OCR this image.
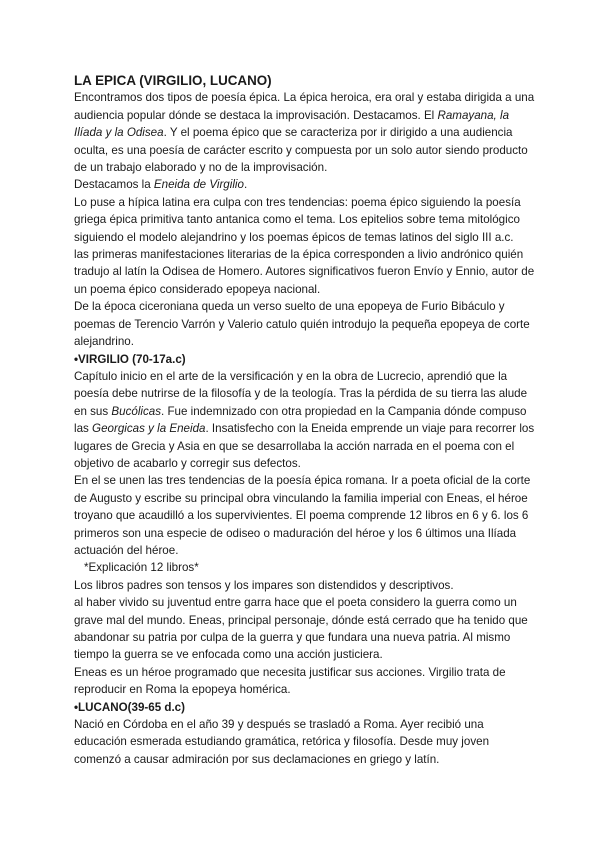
LA EPICA (VIRGILIO, LUCANO)

Encontramos dos tipos de poesía épica. La épica heroica, era oral y estaba dirigida a una audiencia popular dónde se destaca la improvisación. Destacamos. El Ramayana, la Ilíada y la Odisea. Y el poema épico que se caracteriza por ir dirigido a una audiencia oculta, es una poesía de carácter escrito y compuesta por un solo autor siendo producto de un trabajo elaborado y no de la improvisación.

Destacamos la Eneida de Virgilio.

Lo puse a hípica latina era culpa con tres tendencias: poema épico siguiendo la poesía griega épica primitiva tanto antanica como el tema. Los epitelios sobre tema mitológico siguiendo el modelo alejandrino y los poemas épicos de temas latinos del siglo III a.c.

las primeras manifestaciones literarias de la épica corresponden a livio andrónico quién tradujo al latín la Odisea de Homero. Autores significativos fueron Envío y Ennio, autor de un poema épico considerado epopeya nacional.

De la época ciceroniana queda un verso suelto de una epopeya de Furio Bibáculo y poemas de Terencio Varrón y Valerio catulo quién introdujo la pequeña epopeya de corte alejandrino.

•VIRGILIO (70-17a.c)

Capítulo inicio en el arte de la versificación y en la obra de Lucrecio, aprendió que la poesía debe nutrirse de la filosofía y de la teología. Tras la pérdida de su tierra las alude en sus Bucólicas. Fue indemnizado con otra propiedad en la Campania dónde compuso las Georgicas y la Eneida. Insatisfecho con la Eneida emprende un viaje para recorrer los lugares de Grecia y Asia en que se desarrollaba la acción narrada en el poema con el objetivo de acabarlo y corregir sus defectos.

En el se unen las tres tendencias de la poesía épica romana. Ir a poeta oficial de la corte de Augusto y escribe su principal obra vinculando la familia imperial con Eneas, el héroe troyano que acaudilló a los supervivientes. El poema comprende 12 libros en 6 y 6. los 6 primeros son una especie de odiseo o maduración del héroe y los 6 últimos una Ilíada actuación del héroe.

*Explicación 12 libros*

Los libros padres son tensos y los impares son distendidos y descriptivos.

al haber vivido su juventud entre garra hace que el poeta considero la guerra como un grave mal del mundo. Eneas, principal personaje, dónde está cerrado que ha tenido que abandonar su patria por culpa de la guerra y que fundara una nueva patria. Al mismo tiempo la guerra se ve enfocada como una acción justiciera.

Eneas es un héroe programado que necesita justificar sus acciones. Virgilio trata de reproducir en Roma la epopeya homérica.

•LUCANO(39-65 d.c)

Nació en Córdoba en el año 39 y después se trasladó a Roma. Ayer recibió una educación esmerada estudiando gramática, retórica y filosofía. Desde muy joven comenzó a causar admiración por sus declamaciones en griego y latín.
